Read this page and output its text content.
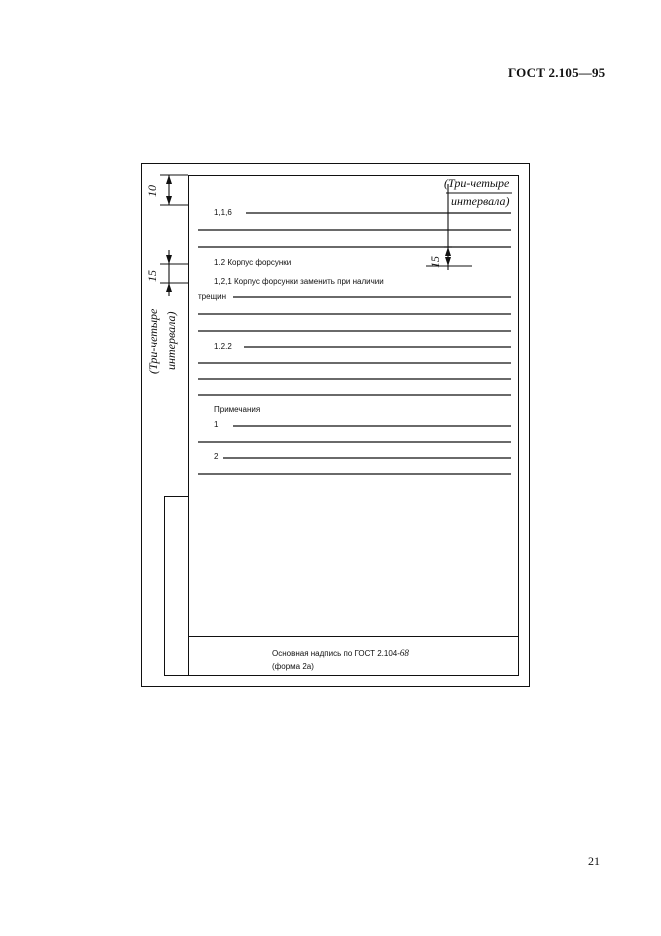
ГОСТ 2.105—95
21
10
15
15
(Три-четыре
интервала)
(Три-четыре интервала)
1,1,6
1.2 Корпус форсунки
1,2,1 Корпус форсунки заменить при наличии
трещин
1.2.2
Примечания
1
2
Основная надпись по ГОСТ 2.104-68
(форма 2а)
